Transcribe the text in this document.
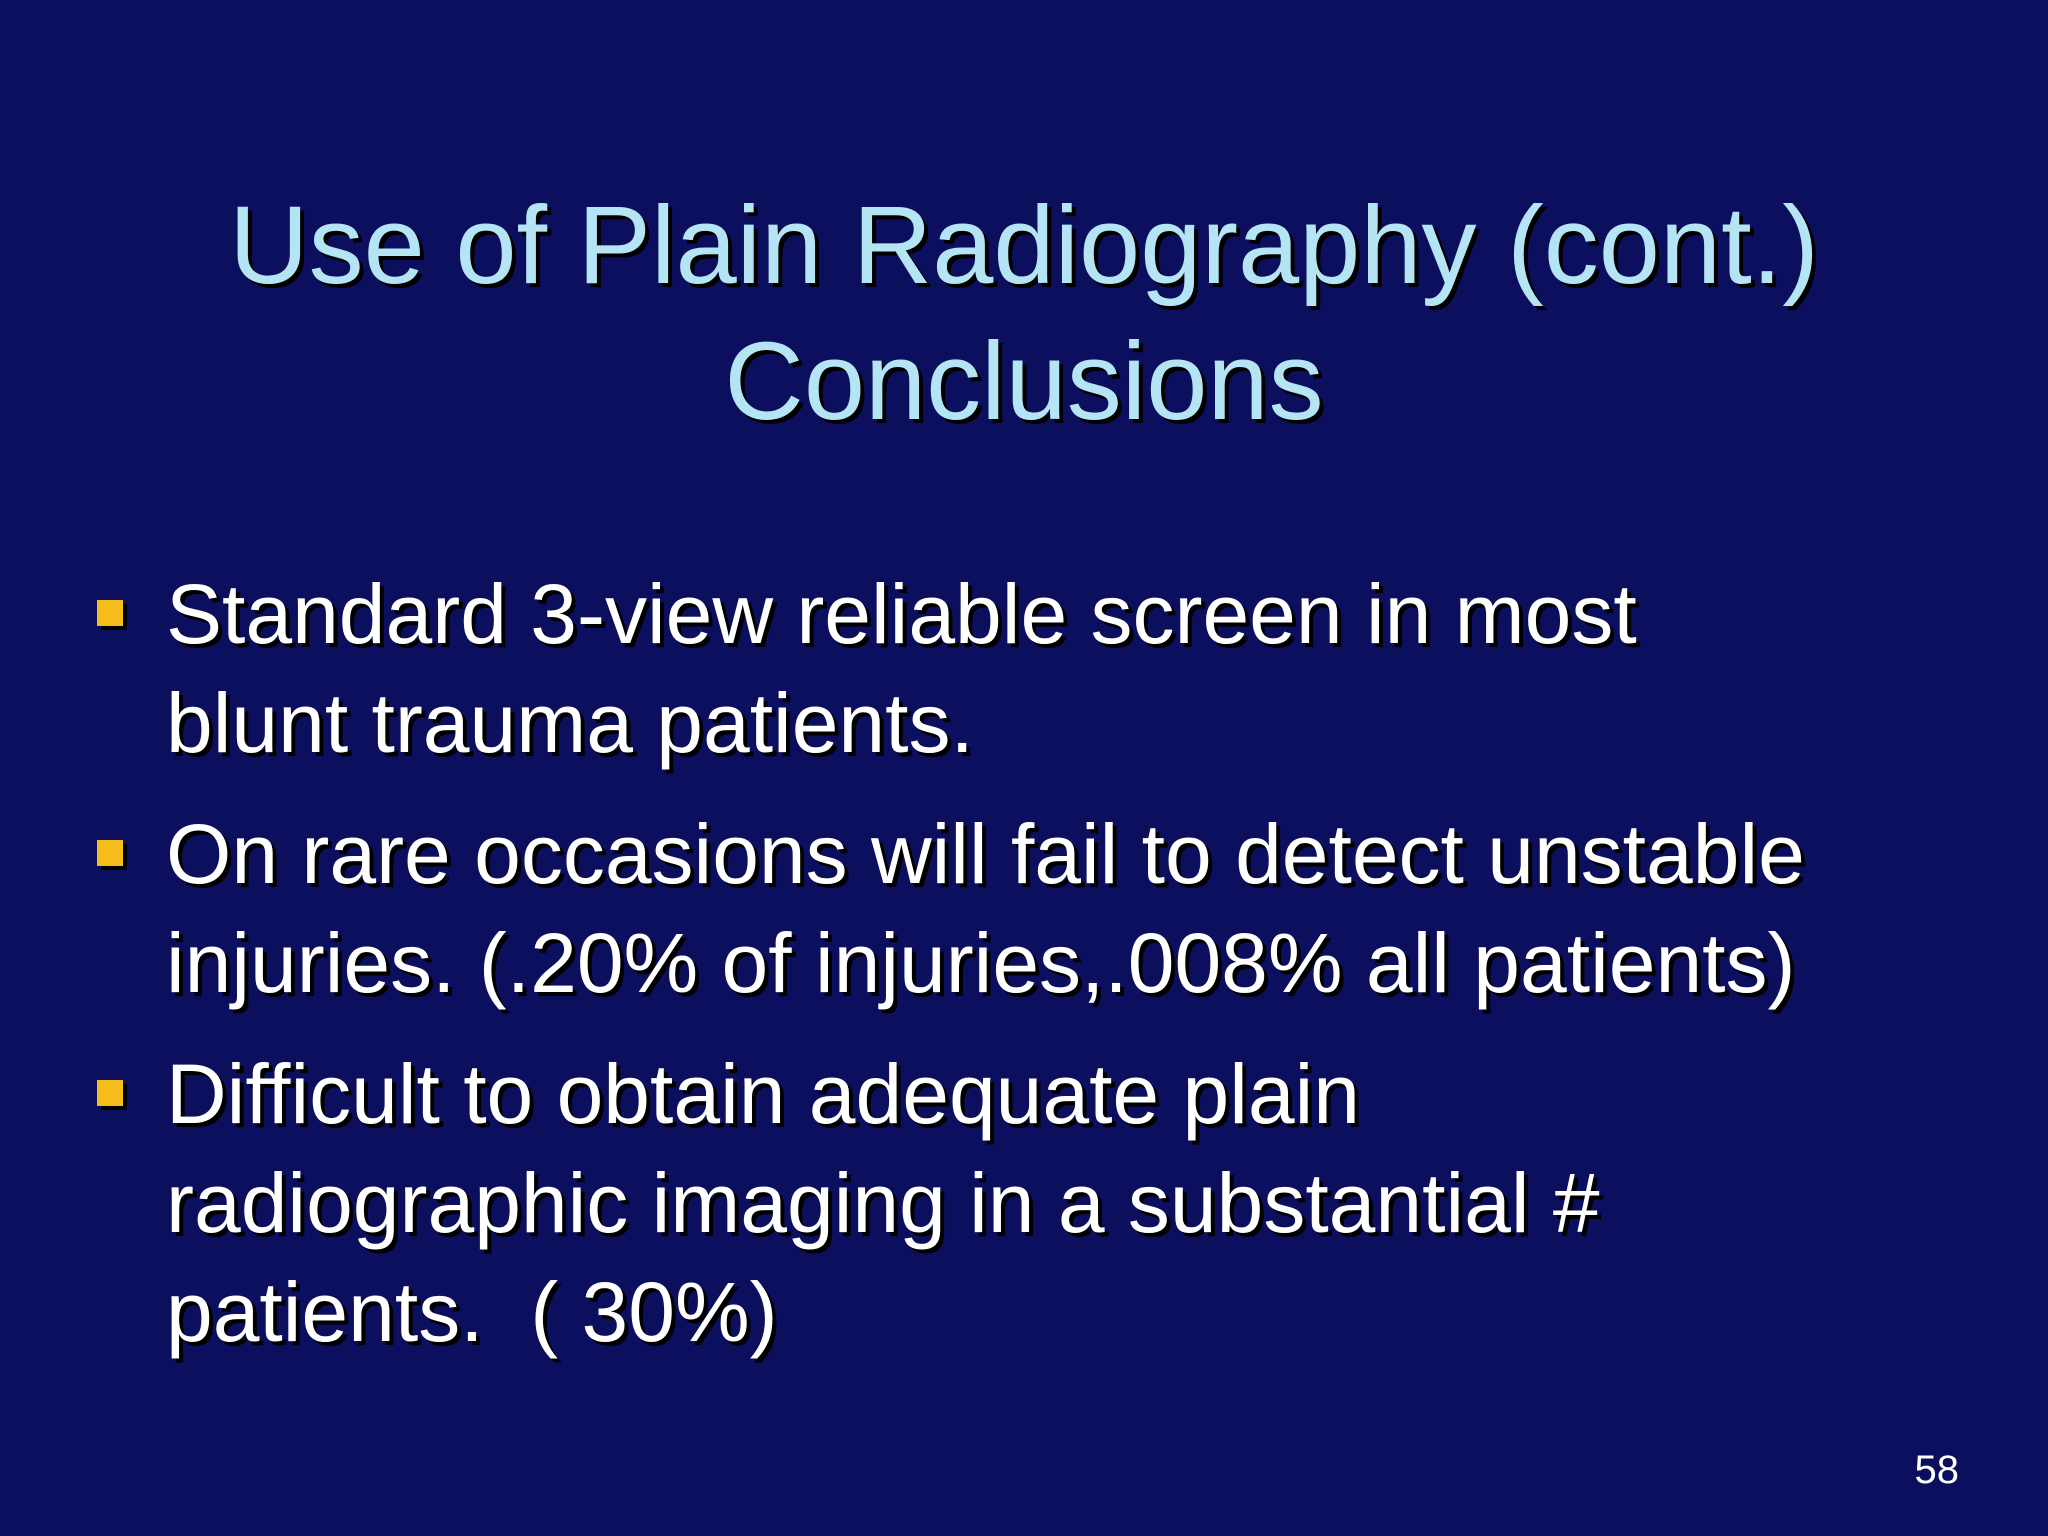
Use of Plain Radiography (cont.)
Conclusions
Standard 3-view reliable screen in most
blunt trauma patients.
On rare occasions will fail to detect unstable
injuries. (.20% of injuries,.008% all patients)
Difficult to obtain adequate plain
radiographic imaging in a substantial #
patients.  ( 30%)
58
